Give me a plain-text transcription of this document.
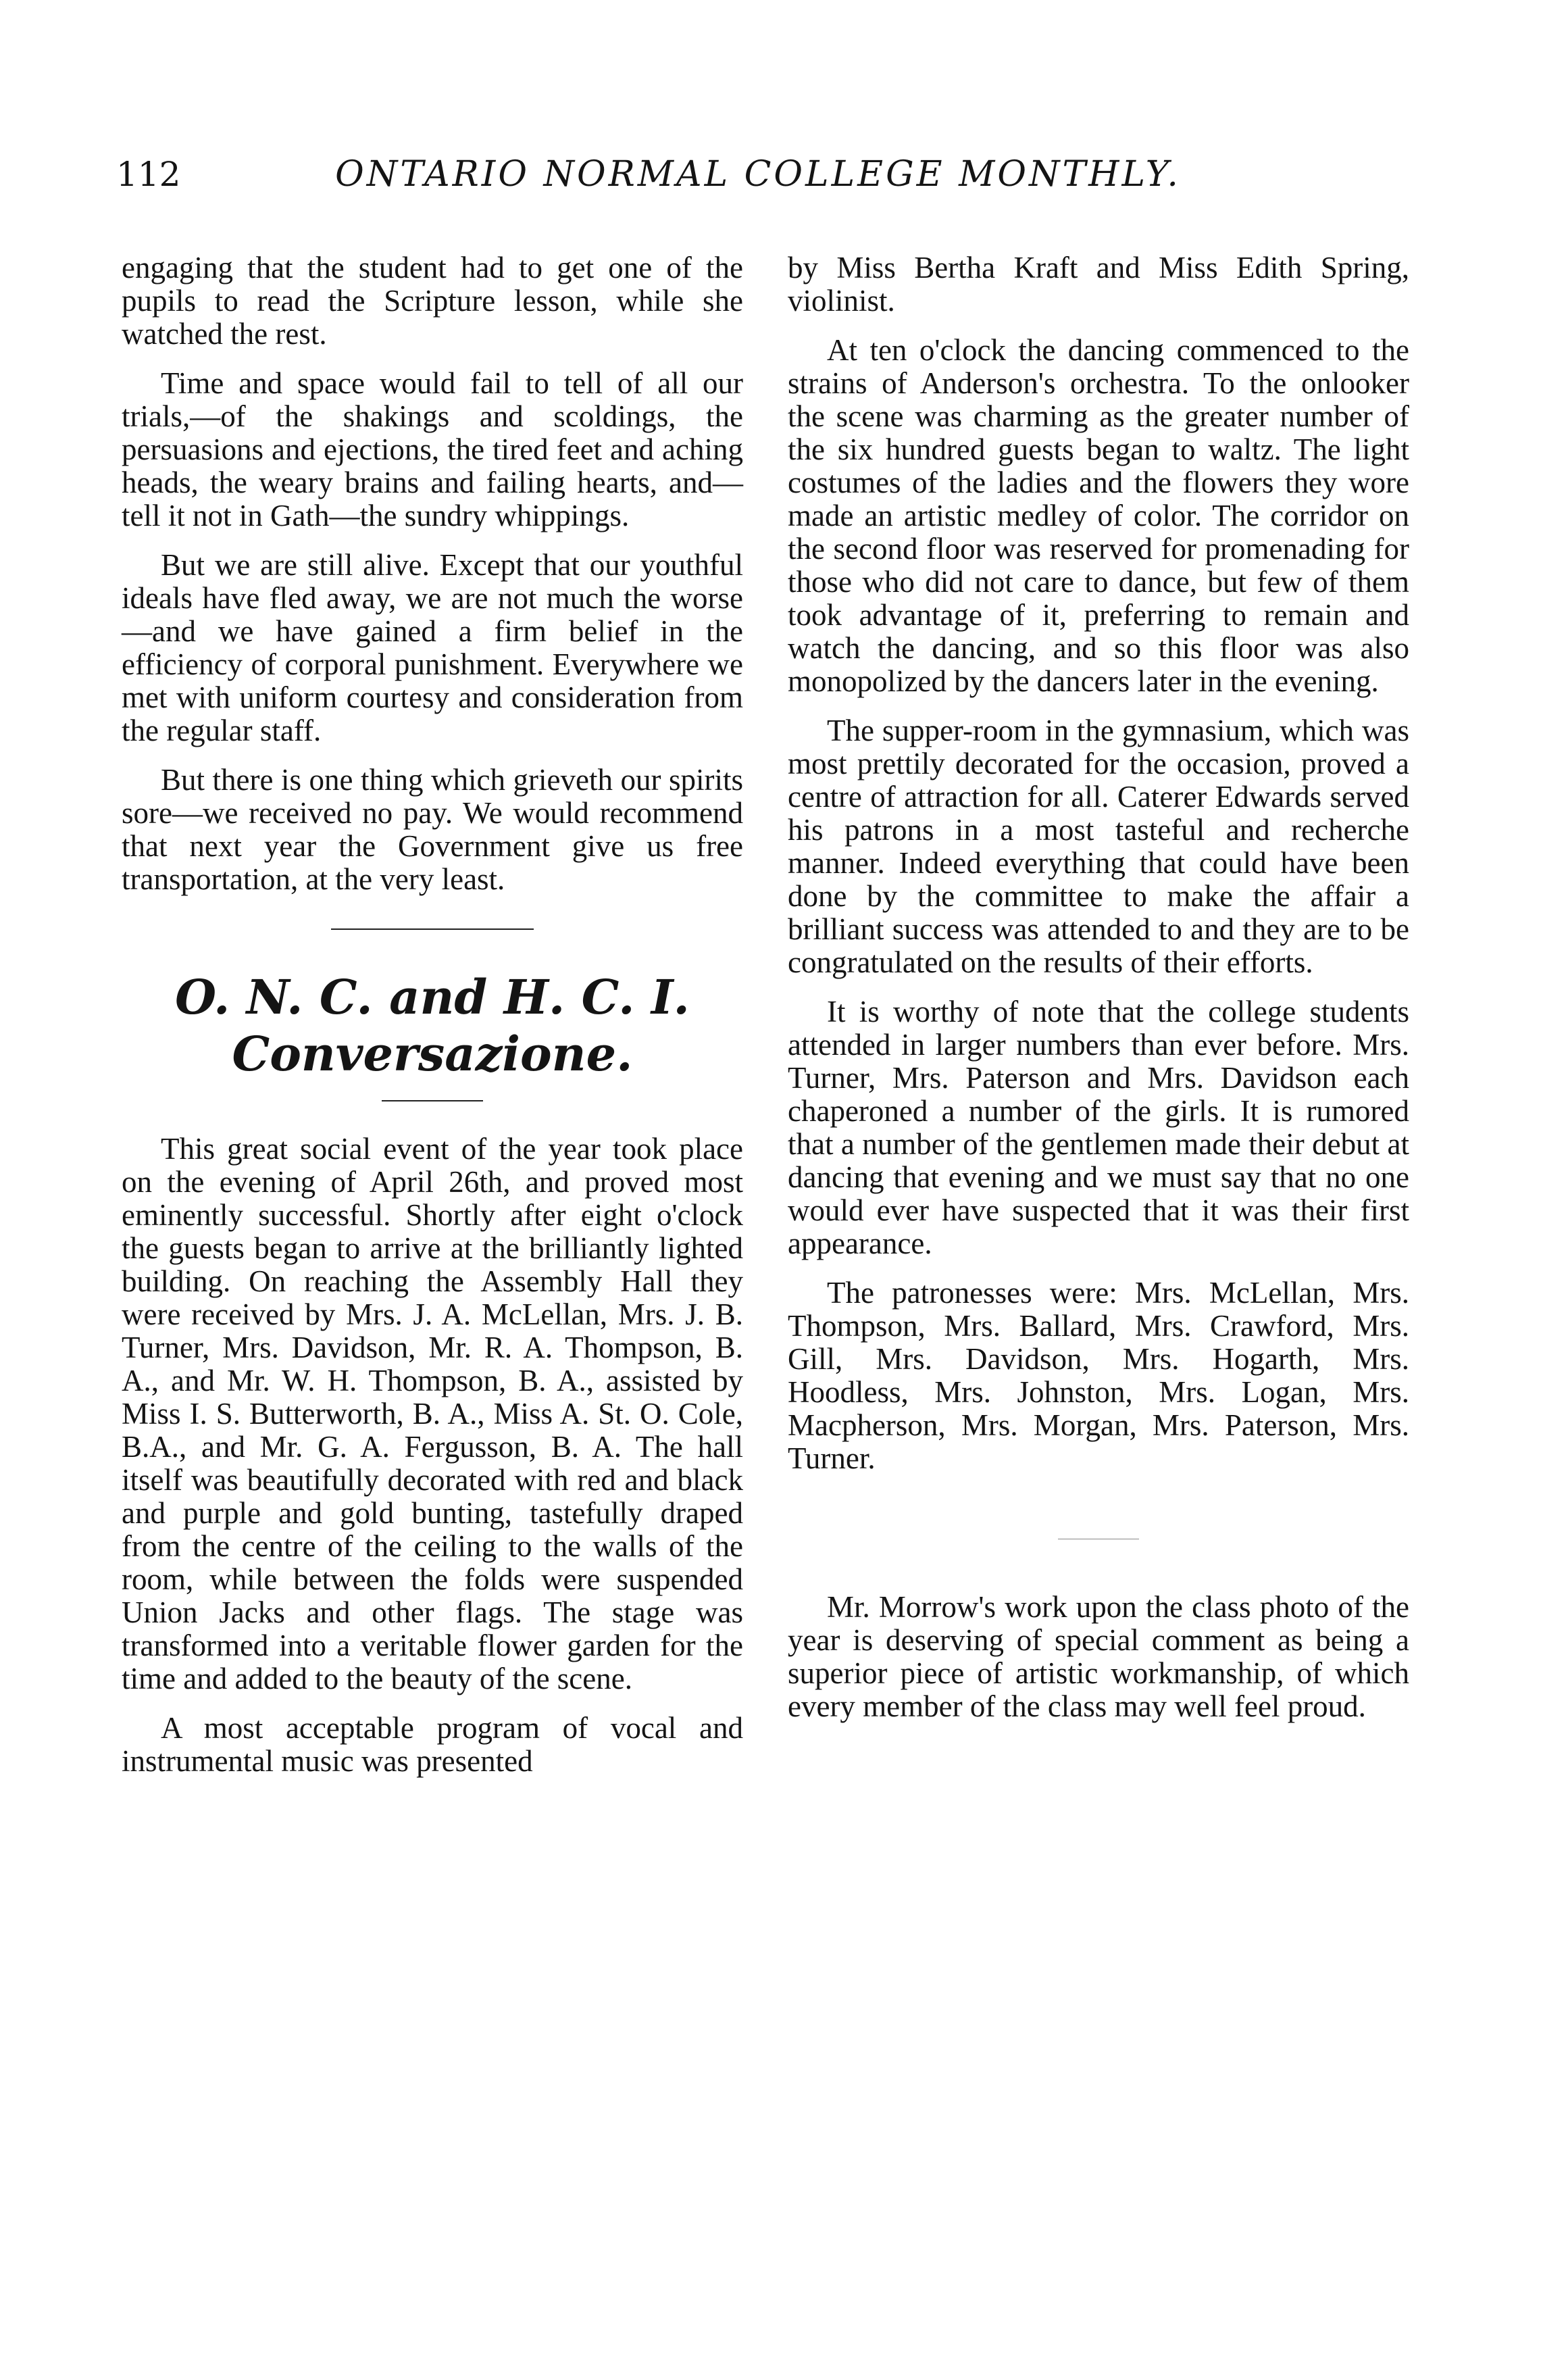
112	ONTARIO NORMAL COLLEGE MONTHLY.

engaging that the student had to get one of the pupils to read the Scripture lesson, while she watched the rest.

Time and space would fail to tell of all our trials,—of the shakings and scoldings, the persuasions and ejections, the tired feet and aching heads, the weary brains and failing hearts, and—tell it not in Gath—the sundry whippings.

But we are still alive. Except that our youthful ideals have fled away, we are not much the worse—and we have gained a firm belief in the efficiency of corporal punishment. Everywhere we met with uniform courtesy and consideration from the regular staff.

But there is one thing which grieveth our spirits sore—we received no pay. We would recommend that next year the Government give us free transportation, at the very least.

O. N. C. and H. C. I. Conversazione.

This great social event of the year took place on the evening of April 26th, and proved most eminently successful. Shortly after eight o'clock the guests began to arrive at the brilliantly lighted building. On reaching the Assembly Hall they were received by Mrs. J. A. McLellan, Mrs. J. B. Turner, Mrs. Davidson, Mr. R. A. Thompson, B. A., and Mr. W. H. Thompson, B. A., assisted by Miss I. S. Butterworth, B. A., Miss A. St. O. Cole, B.A., and Mr. G. A. Fergusson, B. A. The hall itself was beautifully decorated with red and black and purple and gold bunting, tastefully draped from the centre of the ceiling to the walls of the room, while between the folds were suspended Union Jacks and other flags. The stage was transformed into a veritable flower garden for the time and added to the beauty of the scene.

A most acceptable program of vocal and instrumental music was presented

by Miss Bertha Kraft and Miss Edith Spring, violinist.

At ten o'clock the dancing commenced to the strains of Anderson's orchestra. To the onlooker the scene was charming as the greater number of the six hundred guests began to waltz. The light costumes of the ladies and the flowers they wore made an artistic medley of color. The corridor on the second floor was reserved for promenading for those who did not care to dance, but few of them took advantage of it, preferring to remain and watch the dancing, and so this floor was also monopolized by the dancers later in the evening.

The supper-room in the gymnasium, which was most prettily decorated for the occasion, proved a centre of attraction for all. Caterer Edwards served his patrons in a most tasteful and recherche manner. Indeed everything that could have been done by the committee to make the affair a brilliant success was attended to and they are to be congratulated on the results of their efforts.

It is worthy of note that the college students attended in larger numbers than ever before. Mrs. Turner, Mrs. Paterson and Mrs. Davidson each chaperoned a number of the girls. It is rumored that a number of the gentlemen made their debut at dancing that evening and we must say that no one would ever have suspected that it was their first appearance.

The patronesses were: Mrs. McLellan, Mrs. Thompson, Mrs. Ballard, Mrs. Crawford, Mrs. Gill, Mrs. Davidson, Mrs. Hogarth, Mrs. Hoodless, Mrs. Johnston, Mrs. Logan, Mrs. Macpherson, Mrs. Morgan, Mrs. Paterson, Mrs. Turner.

Mr. Morrow's work upon the class photo of the year is deserving of special comment as being a superior piece of artistic workmanship, of which every member of the class may well feel proud.
